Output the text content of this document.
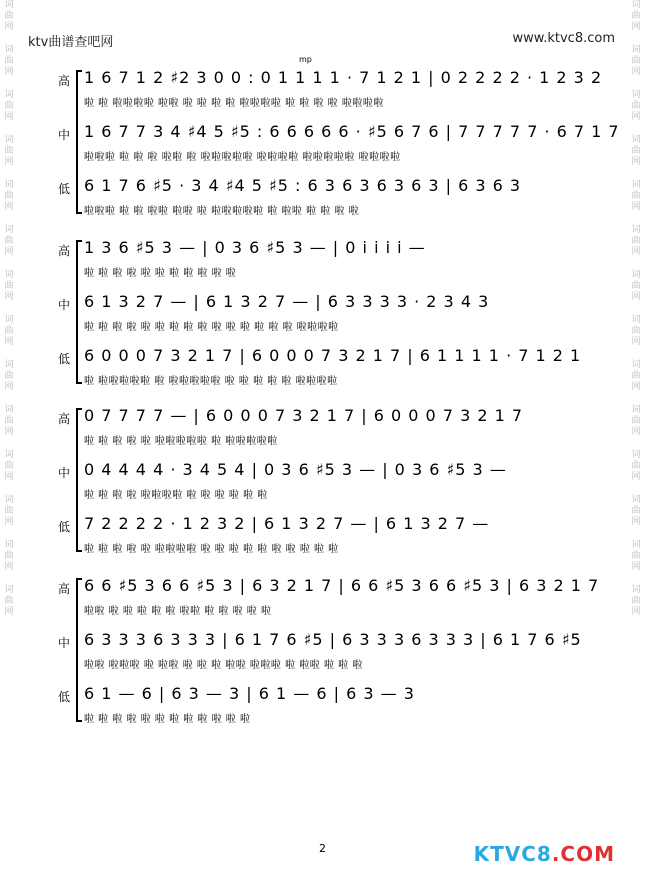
词
曲
网
词
曲
网
词
曲
网
词
曲
网
词
曲
网
词
曲
网
词
曲
网
词
曲
网
词
曲
网
词
曲
网
词
曲
网
词
曲
网
词
曲
网
词
曲
网
词
曲
网
词
曲
网
词
曲
网
词
曲
网
词
曲
网
词
曲
网
词
曲
网
词
曲
网
词
曲
网
词
曲
网
词
曲
网
词
曲
网
词
曲
网
词
曲
网
ktv曲谱查吧网	www.ktvc8.com
mp
高 1 6 7 1 2 ♯2 3 0 0 : 0 1 1 1 1 · 7 1 2 1 | 0 2 2 2 2 · 1 2 3 2
啦 啦 啦啦啦啦 啦啦 啦 啦 啦 啦 啦啦啦啦 啦 啦 啦 啦 啦啦啦啦
中 1 6 7 7 3 4 ♯4 5 ♯5 : 6 6 6 6 6 · ♯5 6 7 6 | 7 7 7 7 7 · 6 7 1 7
啦啦啦 啦 啦 啦 啦啦 啦 啦啦啦啦啦 啦啦啦啦 啦啦啦啦啦 啦啦啦啦
低 6 1 7 6 ♯5 · 3 4 ♯4 5 ♯5 : 6 3 6 3 6 3 6 3 | 6 3 6 3
啦啦啦 啦 啦 啦啦 啦啦 啦 啦啦啦啦啦 啦 啦啦 啦 啦 啦 啦
高 1 3 6 ♯5 3 — | 0 3 6 ♯5 3 — | 0 i i i i —
啦 啦 啦 啦 啦 啦 啦 啦 啦 啦 啦
中 6 1 3 2 7 — | 6 1 3 2 7 — | 6 3 3 3 3 · 2 3 4 3
啦 啦 啦 啦 啦 啦 啦 啦 啦 啦 啦 啦 啦 啦 啦 啦啦啦啦
低 6 0 0 0 7 3 2 1 7 | 6 0 0 0 7 3 2 1 7 | 6 1 1 1 1 · 7 1 2 1
啦 啦啦啦啦啦 啦 啦啦啦啦啦 啦 啦 啦 啦 啦 啦啦啦啦
高 0 7 7 7 7 — | 6 0 0 0 7 3 2 1 7 | 6 0 0 0 7 3 2 1 7
啦 啦 啦 啦 啦 啦啦啦啦啦 啦 啦啦啦啦啦
中 0 4 4 4 4 · 3 4 5 4 | 0 3 6 ♯5 3 — | 0 3 6 ♯5 3 —
啦 啦 啦 啦 啦啦啦啦 啦 啦 啦 啦 啦 啦
低 7 2 2 2 2 · 1 2 3 2 | 6 1 3 2 7 — | 6 1 3 2 7 —
啦 啦 啦 啦 啦 啦啦啦啦 啦 啦 啦 啦 啦 啦 啦 啦 啦 啦
高 6 6 ♯5 3 6 6 ♯5 3 | 6 3 2 1 7 | 6 6 ♯5 3 6 6 ♯5 3 | 6 3 2 1 7
啦啦 啦 啦 啦 啦 啦 啦啦 啦 啦 啦 啦 啦
中 6 3 3 3 6 3 3 3 | 6 1 7 6 ♯5 | 6 3 3 3 6 3 3 3 | 6 1 7 6 ♯5
啦啦 啦啦啦 啦 啦啦 啦 啦 啦 啦啦 啦啦啦 啦 啦啦 啦 啦 啦
低 6 1 — 6 | 6 3 — 3 | 6 1 — 6 | 6 3 — 3
啦 啦 啦 啦 啦 啦 啦 啦 啦 啦 啦 啦
2	KTVC8.COM
